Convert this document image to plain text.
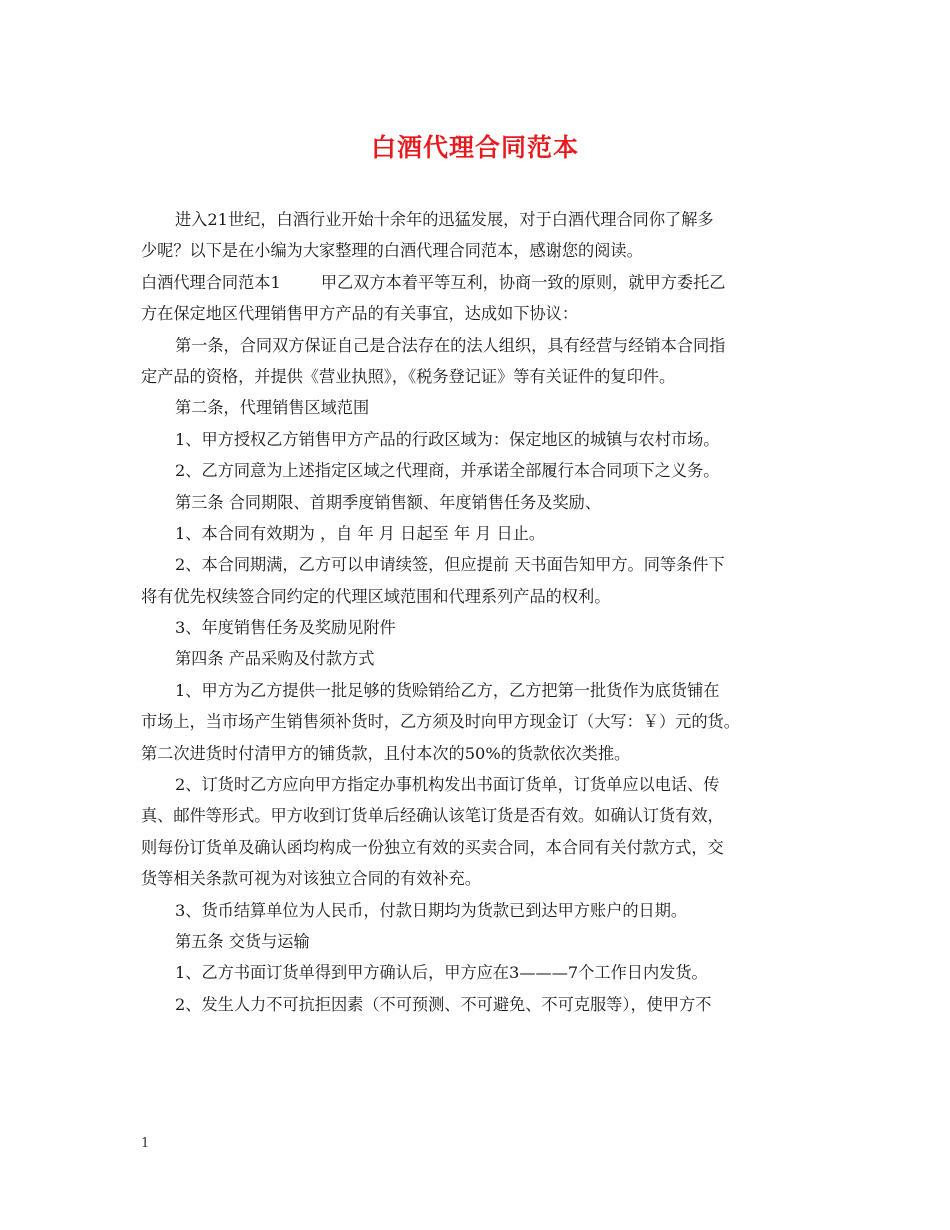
白酒代理合同范本
进入21世纪，白酒行业开始十余年的迅猛发展，对于白酒代理合同你了解多
少呢？以下是在小编为大家整理的白酒代理合同范本，感谢您的阅读。
白酒代理合同范本1 甲乙双方本着平等互利，协商一致的原则，就甲方委托乙
方在保定地区代理销售甲方产品的有关事宜，达成如下协议：
第一条，合同双方保证自己是合法存在的法人组织，具有经营与经销本合同指
定产品的资格，并提供《营业执照》，《税务登记证》等有关证件的复印件。
第二条，代理销售区域范围
1、甲方授权乙方销售甲方产品的行政区域为：保定地区的城镇与农村市场。
2、乙方同意为上述指定区域之代理商，并承诺全部履行本合同项下之义务。
第三条 合同期限、首期季度销售额、年度销售任务及奖励、
1、本合同有效期为 ，自 年 月 日起至 年 月 日止。
2、本合同期满，乙方可以申请续签，但应提前 天书面告知甲方。同等条件下
将有优先权续签合同约定的代理区域范围和代理系列产品的权利。
3、年度销售任务及奖励见附件
第四条 产品采购及付款方式
1、甲方为乙方提供一批足够的货赊销给乙方，乙方把第一批货作为底货铺在
市场上，当市场产生销售须补货时，乙方须及时向甲方现金订（大写：￥）元的货。
第二次进货时付清甲方的铺货款，且付本次的50%的货款依次类推。
2、订货时乙方应向甲方指定办事机构发出书面订货单，订货单应以电话、传
真、邮件等形式。甲方收到订货单后经确认该笔订货是否有效。如确认订货有效，
则每份订货单及确认函均构成一份独立有效的买卖合同，本合同有关付款方式，交
货等相关条款可视为对该独立合同的有效补充。
3、货币结算单位为人民币，付款日期均为货款已到达甲方账户的日期。
第五条 交货与运输
1、乙方书面订货单得到甲方确认后，甲方应在3———7个工作日内发货。
2、发生人力不可抗拒因素（不可预测、不可避免、不可克服等），使甲方不
1
